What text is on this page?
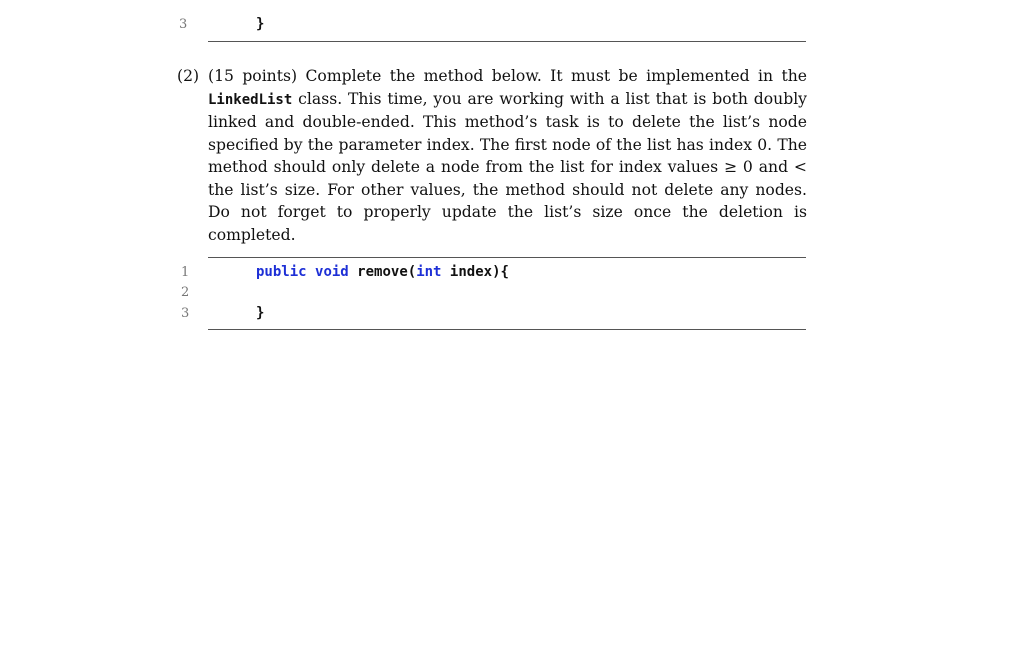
3	}
(2) (15 points) Complete the method below. It must be implemented in the LinkedList class. This time, you are working with a list that is both doubly linked and double-ended. This method’s task is to delete the list’s node specified by the parameter index. The first node of the list has index 0. The method should only delete a node from the list for index values ≥ 0 and < the list’s size. For other values, the method should not delete any nodes. Do not forget to properly update the list’s size once the deletion is completed.
1	public void remove(int index){
2
3	}
